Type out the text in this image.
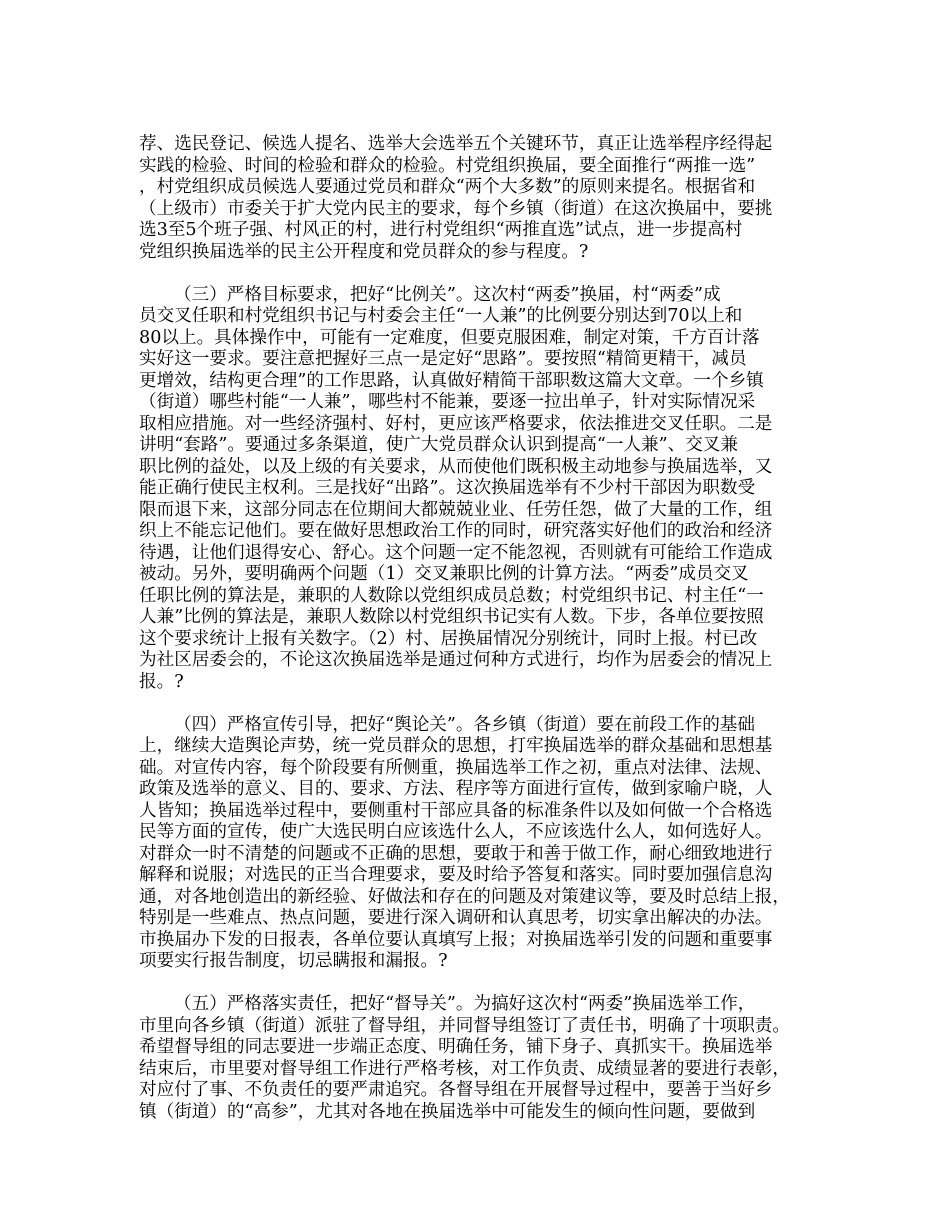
荐、选民登记、候选人提名、选举大会选举五个关键环节，真正让选举程序经得起
实践的检验、时间的检验和群众的检验。村党组织换届，要全面推行“两推一选”
，村党组织成员候选人要通过党员和群众“两个大多数”的原则来提名。根据省和
（上级市）市委关于扩大党内民主的要求，每个乡镇（街道）在这次换届中，要挑
选3至5个班子强、村风正的村，进行村党组织“两推直选”试点，进一步提高村
党组织换届选举的民主公开程度和党员群众的参与程度。?
（三）严格目标要求，把好“比例关”。这次村“两委”换届，村“两委”成
员交叉任职和村党组织书记与村委会主任“一人兼”的比例要分别达到70以上和
80以上。具体操作中，可能有一定难度，但要克服困难，制定对策，千方百计落
实好这一要求。要注意把握好三点一是定好“思路”。要按照“精简更精干，减员
更增效，结构更合理”的工作思路，认真做好精简干部职数这篇大文章。一个乡镇
（街道）哪些村能“一人兼”，哪些村不能兼，要逐一拉出单子，针对实际情况采
取相应措施。对一些经济强村、好村，更应该严格要求，依法推进交叉任职。二是
讲明“套路”。要通过多条渠道，使广大党员群众认识到提高“一人兼”、交叉兼
职比例的益处，以及上级的有关要求，从而使他们既积极主动地参与换届选举，又
能正确行使民主权利。三是找好“出路”。这次换届选举有不少村干部因为职数受
限而退下来，这部分同志在位期间大都兢兢业业、任劳任怨，做了大量的工作，组
织上不能忘记他们。要在做好思想政治工作的同时，研究落实好他们的政治和经济
待遇，让他们退得安心、舒心。这个问题一定不能忽视，否则就有可能给工作造成
被动。另外，要明确两个问题（1）交叉兼职比例的计算方法。“两委”成员交叉
任职比例的算法是，兼职的人数除以党组织成员总数；村党组织书记、村主任“一
人兼”比例的算法是，兼职人数除以村党组织书记实有人数。下步，各单位要按照
这个要求统计上报有关数字。（2）村、居换届情况分别统计，同时上报。村已改
为社区居委会的，不论这次换届选举是通过何种方式进行，均作为居委会的情况上
报。?
（四）严格宣传引导，把好“舆论关”。各乡镇（街道）要在前段工作的基础
上，继续大造舆论声势，统一党员群众的思想，打牢换届选举的群众基础和思想基
础。对宣传内容，每个阶段要有所侧重，换届选举工作之初，重点对法律、法规、
政策及选举的意义、目的、要求、方法、程序等方面进行宣传，做到家喻户晓，人
人皆知；换届选举过程中，要侧重村干部应具备的标准条件以及如何做一个合格选
民等方面的宣传，使广大选民明白应该选什么人，不应该选什么人，如何选好人。
对群众一时不清楚的问题或不正确的思想，要敢于和善于做工作，耐心细致地进行
解释和说服；对选民的正当合理要求，要及时给予答复和落实。同时要加强信息沟
通，对各地创造出的新经验、好做法和存在的问题及对策建议等，要及时总结上报，
特别是一些难点、热点问题，要进行深入调研和认真思考，切实拿出解决的办法。
市换届办下发的日报表，各单位要认真填写上报；对换届选举引发的问题和重要事
项要实行报告制度，切忌瞒报和漏报。?
（五）严格落实责任，把好“督导关”。为搞好这次村“两委”换届选举工作，
市里向各乡镇（街道）派驻了督导组，并同督导组签订了责任书，明确了十项职责。
希望督导组的同志要进一步端正态度、明确任务，铺下身子、真抓实干。换届选举
结束后，市里要对督导组工作进行严格考核，对工作负责、成绩显著的要进行表彰，
对应付了事、不负责任的要严肃追究。各督导组在开展督导过程中，要善于当好乡
镇（街道）的“高参”，尤其对各地在换届选举中可能发生的倾向性问题，要做到
